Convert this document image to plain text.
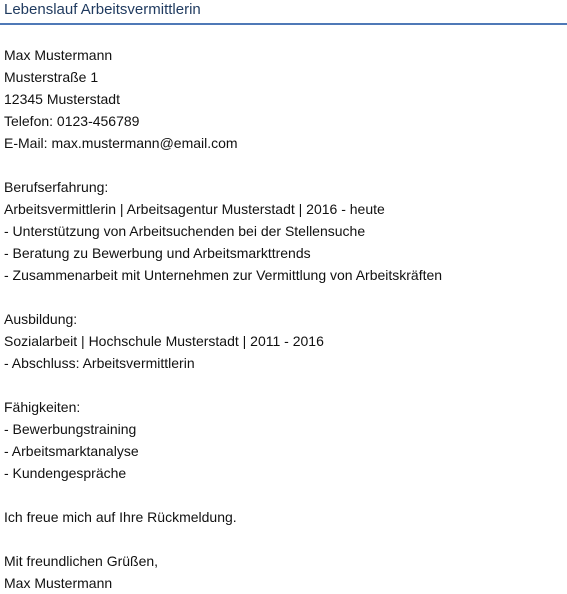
Lebenslauf Arbeitsvermittlerin
Max Mustermann
Musterstraße 1
12345 Musterstadt
Telefon: 0123-456789
E-Mail: max.mustermann@email.com
Berufserfahrung:
Arbeitsvermittlerin | Arbeitsagentur Musterstadt | 2016 - heute
- Unterstützung von Arbeitsuchenden bei der Stellensuche
- Beratung zu Bewerbung und Arbeitsmarkttrends
- Zusammenarbeit mit Unternehmen zur Vermittlung von Arbeitskräften
Ausbildung:
Sozialarbeit | Hochschule Musterstadt | 2011 - 2016
- Abschluss: Arbeitsvermittlerin
Fähigkeiten:
- Bewerbungstraining
- Arbeitsmarktanalyse
- Kundengespräche
Ich freue mich auf Ihre Rückmeldung.
Mit freundlichen Grüßen,
Max Mustermann
